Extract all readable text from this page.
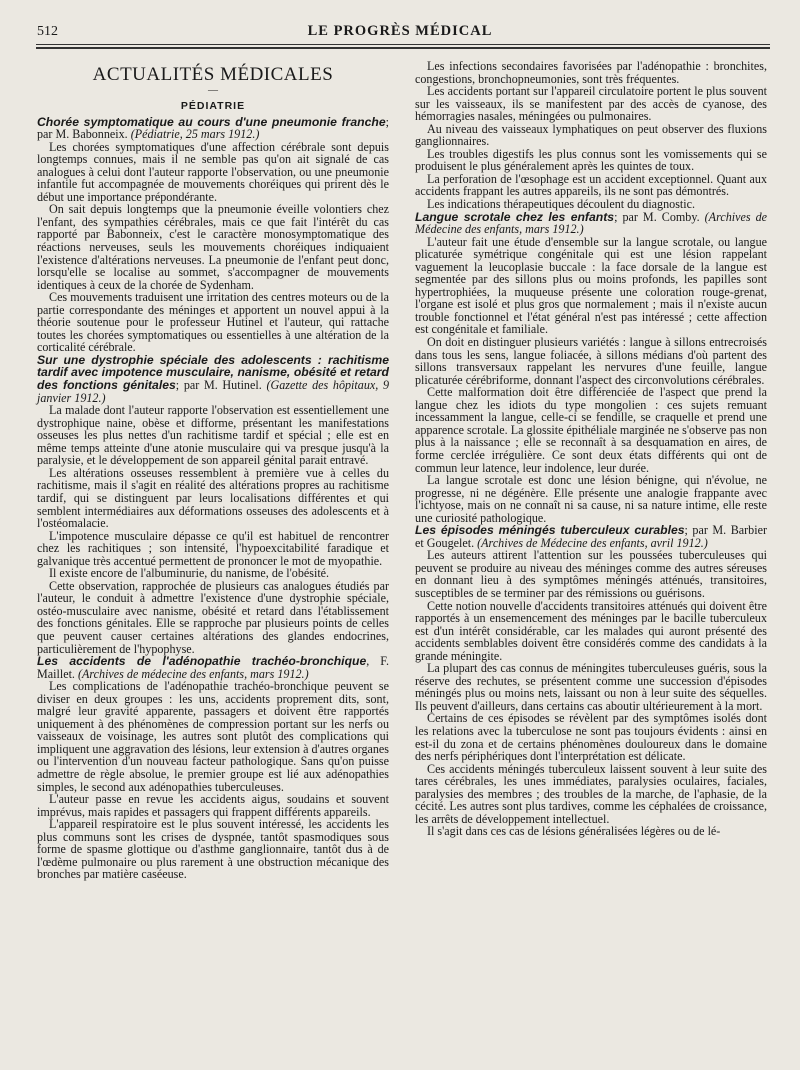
512	LE PROGRÈS MÉDICAL
ACTUALITÉS MÉDICALES
—
PÉDIATRIE

Chorée symptomatique au cours d'une pneumonie franche; par M. Babonneix. (Pédiatrie, 25 mars 1912.)

Les chorées symptomatiques d'une affection cérébrale sont depuis longtemps connues, mais il ne semble pas qu'on ait signalé de cas analogues à celui dont l'auteur rapporte l'observation, ou une pneumonie infantile fut accompagnée de mouvements choréiques qui prirent dès le début une importance prépondérante.

On sait depuis longtemps que la pneumonie éveille volontiers chez l'enfant, des sympathies cérébrales, mais ce que fait l'intérêt du cas rapporté par Babonneix, c'est le caractère monosymptomatique des réactions nerveuses, seuls les mouvements choréiques indiquaient l'existence d'altérations nerveuses. La pneumonie de l'enfant peut donc, lorsqu'elle se localise au sommet, s'accompagner de mouvements identiques à ceux de la chorée de Sydenham.

Ces mouvements traduisent une irritation des centres moteurs ou de la partie correspondante des méninges et apportent un nouvel appui à la théorie soutenue pour le professeur Hutinel et l'auteur, qui rattache toutes les chorées symptomatiques ou essentielles à une altération de la corticalité cérébrale.

Sur une dystrophie spéciale des adolescents : rachitisme tardif avec impotence musculaire, nanisme, obésité et retard des fonctions génitales; par M. Hutinel. (Gazette des hôpitaux, 9 janvier 1912.)

La malade dont l'auteur rapporte l'observation est essentiellement une dystrophique naine, obèse et difforme, présentant les manifestations osseuses les plus nettes d'un rachitisme tardif et spécial ; elle est en même temps atteinte d'une atonie musculaire qui va presque jusqu'à la paralysie, et le développement de son appareil génital parait entravé.

Les altérations osseuses ressemblent à première vue à celles du rachitisme, mais il s'agit en réalité des altérations propres au rachitisme tardif, qui se distinguent par leurs localisations différentes et qui semblent intermédiaires aux déformations osseuses des adolescents et à l'ostéomalacie.

L'impotence musculaire dépasse ce qu'il est habituel de rencontrer chez les rachitiques ; son intensité, l'hypoexcitabilité faradique et galvanique très accentué permettent de prononcer le mot de myopathie.

Il existe encore de l'albuminurie, du nanisme, de l'obésité.

Cette observation, rapprochée de plusieurs cas analogues étudiés par l'auteur, le conduit à admettre l'existence d'une dystrophie spéciale, ostéo-musculaire avec nanisme, obésité et retard dans l'établissement des fonctions génitales. Elle se rapproche par plusieurs points de celles que peuvent causer certaines altérations des glandes endocrines, particulièrement de l'hypophyse.

Les accidents de l'adénopathie trachéo-bronchique, F. Maillet. (Archives de médecine des enfants, mars 1912.)

Les complications de l'adénopathie trachéo-bronchique peuvent se diviser en deux groupes : les uns, accidents proprement dits, sont, malgré leur gravité apparente, passagers et doivent être rapportés uniquement à des phénomènes de compression portant sur les nerfs ou vaisseaux de voisinage, les autres sont plutôt des complications qui impliquent une aggravation des lésions, leur extension à d'autres organes ou l'intervention d'un nouveau facteur pathologique. Sans qu'on puisse admettre de règle absolue, le premier groupe est lié aux adénopathies simples, le second aux adénopathies tuberculeuses.

L'auteur passe en revue les accidents aigus, soudains et souvent imprévus, mais rapides et passagers qui frappent différents appareils.

L'appareil respiratoire est le plus souvent intéressé, les accidents les plus communs sont les crises de dyspnée, tantôt spasmodiques sous forme de spasme glottique ou d'asthme ganglionnaire, tantôt dus à de l'œdème pulmonaire ou plus rarement à une obstruction mécanique des bronches par matière caséeuse.

Les infections secondaires favorisées par l'adénopathie : bronchites, congestions, bronchopneumonies, sont très fréquentes.

Les accidents portant sur l'appareil circulatoire portent le plus souvent sur les vaisseaux, ils se manifestent par des accès de cyanose, des hémorragies nasales, méningées ou pulmonaires.

Au niveau des vaisseaux lymphatiques on peut observer des fluxions ganglionnaires.

Les troubles digestifs les plus connus sont les vomissements qui se produisent le plus généralement après les quintes de toux.

La perforation de l'œsophage est un accident exceptionnel. Quant aux accidents frappant les autres appareils, ils ne sont pas démontrés.

Les indications thérapeutiques découlent du diagnostic.

Langue scrotale chez les enfants; par M. Comby. (Archives de Médecine des enfants, mars 1912.)

L'auteur fait une étude d'ensemble sur la langue scrotale, ou langue plicaturée symétrique congénitale qui est une lésion rappelant vaguement la leucoplasie buccale : la face dorsale de la langue est segmentée par des sillons plus ou moins profonds, les papilles sont hypertrophiées, la muqueuse présente une coloration rouge-grenat, l'organe est isolé et plus gros que normalement ; mais il n'existe aucun trouble fonctionnel et l'état général n'est pas intéressé ; cette affection est congénitale et familiale.

On doit en distinguer plusieurs variétés : langue à sillons entrecroisés dans tous les sens, langue foliacée, à sillons médians d'où partent des sillons transversaux rappelant les nervures d'une feuille, langue plicaturée cérébriforme, donnant l'aspect des circonvolutions cérébrales.

Cette malformation doit être différenciée de l'aspect que prend la langue chez les idiots du type mongolien : ces sujets remuant incessamment la langue, celle-ci se fendille, se craquelle et prend une apparence scrotale. La glossite épithéliale marginée ne s'observe pas non plus à la naissance ; elle se reconnaît à sa desquamation en aires, de forme cerclée irrégulière. Ce sont deux états différents qui ont de commun leur latence, leur indolence, leur durée.

La langue scrotale est donc une lésion bénigne, qui n'évolue, ne progresse, ni ne dégénère. Elle présente une analogie frappante avec l'ichtyose, mais on ne connaît ni sa cause, ni sa nature intime, elle reste une curiosité pathologique.

Les épisodes méningés tuberculeux curables; par M. Barbier et Gougelet. (Archives de Médecine des enfants, avril 1912.)

Les auteurs attirent l'attention sur les poussées tuberculeuses qui peuvent se produire au niveau des méninges comme des autres séreuses en donnant lieu à des symptômes méningés atténués, transitoires, susceptibles de se terminer par des rémissions ou guérisons.

Cette notion nouvelle d'accidents transitoires atténués qui doivent être rapportés à un ensemencement des méninges par le bacille tuberculeux est d'un intérêt considérable, car les malades qui auront présenté des accidents semblables doivent être considérés comme des candidats à la grande méningite.

La plupart des cas connus de méningites tuberculeuses guéris, sous la réserve des rechutes, se présentent comme une succession d'épisodes méningés plus ou moins nets, laissant ou non à leur suite des séquelles. Ils peuvent d'ailleurs, dans certains cas aboutir ultérieurement à la mort.

Certains de ces épisodes se révèlent par des symptômes isolés dont les relations avec la tuberculose ne sont pas toujours évidents : ainsi en est-il du zona et de certains phénomènes douloureux dans le domaine des nerfs périphériques dont l'interprétation est délicate.

Ces accidents méningés tuberculeux laissent souvent à leur suite des tares cérébrales, les unes immédiates, paralysies oculaires, faciales, paralysies des membres ; des troubles de la marche, de l'aphasie, de la cécité. Les autres sont plus tardives, comme les céphalées de croissance, les arrêts de développement intellectuel.

Il s'agit dans ces cas de lésions généralisées légères ou de lé-
